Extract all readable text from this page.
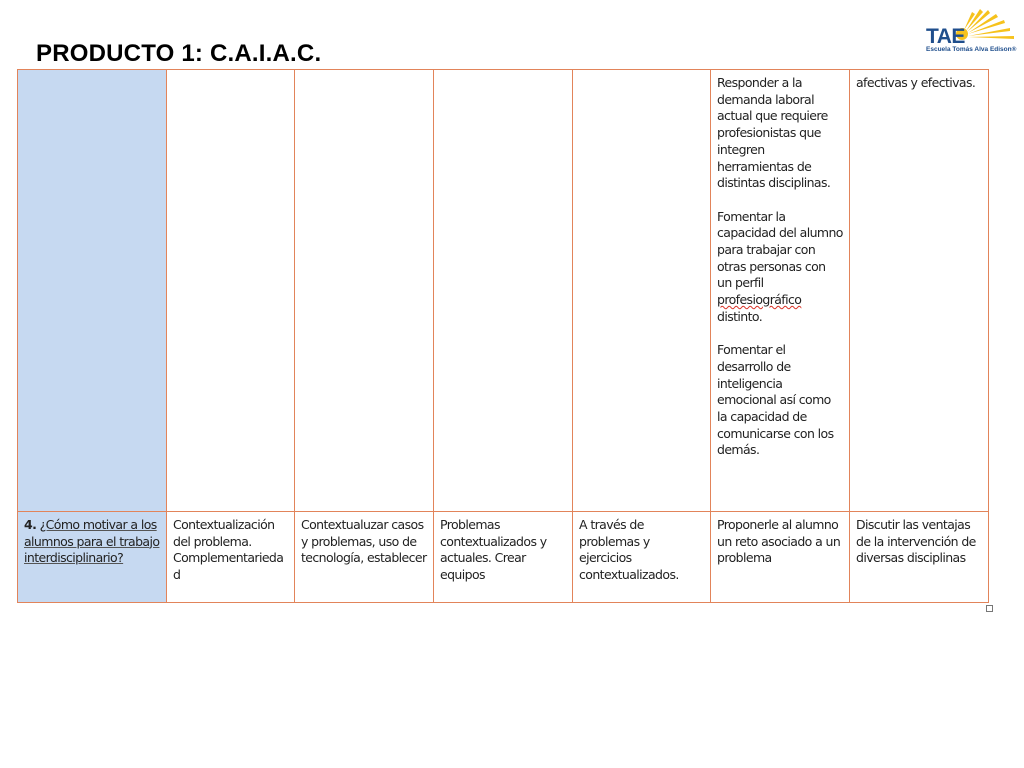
PRODUCTO 1: C.A.I.A.C.
TAE
Escuela Tomás Alva Edison®

					Responder a la demanda laboral actual que requiere profesionistas que integren herramientas de distintas disciplinas.
Fomentar la capacidad del alumno para trabajar con otras personas con un perfil profesiográfico distinto.
Fomentar el desarrollo de inteligencia emocional así como la capacidad de comunicarse con los demás.	afectivas y efectivas.
4. ¿Cómo motivar a los alumnos para el trabajo interdisciplinario?	Contextualización del problema. Complementariedad	Contextualuzar casos y problemas, uso de tecnología, establecer	Problemas contextualizados y actuales. Crear equipos	A través de problemas y ejercicios contextualizados.	Proponerle al alumno un reto asociado a un problema	Discutir las ventajas de la intervención de diversas disciplinas
